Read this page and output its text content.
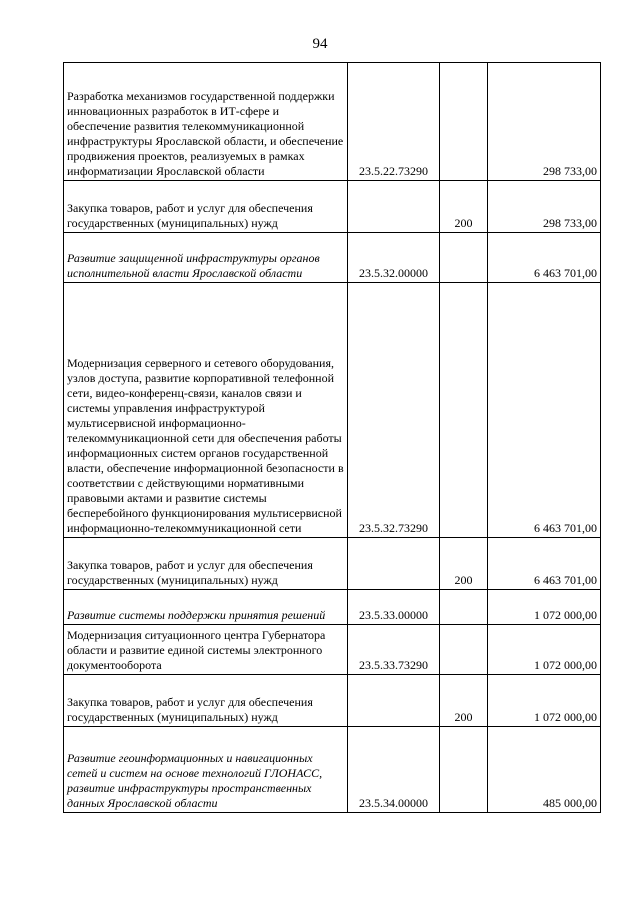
94
Разработка механизмов государственной поддержки инновационных разработок в ИТ-сфере и обеспечение развития телекоммуникационной инфраструктуры Ярославской области, и обеспечение продвижения проектов, реализуемых в рамках информатизации Ярославской области	23.5.22.73290		298 733,00
Закупка товаров, работ и услуг для обеспечения государственных (муниципальных) нужд		200	298 733,00
Развитие защищенной инфраструктуры органов исполнительной власти Ярославской области	23.5.32.00000		6 463 701,00
Модернизация серверного и сетевого оборудования, узлов доступа, развитие корпоративной телефонной сети, видео-конференц-связи, каналов связи и системы управления инфраструктурой мультисервисной информационно-телекоммуникационной сети для обеспечения работы информационных систем органов государственной власти, обеспечение информационной безопасности в соответствии с действующими нормативными правовыми актами и развитие системы бесперебойного функционирования мультисервисной информационно-телекоммуникационной сети	23.5.32.73290		6 463 701,00
Закупка товаров, работ и услуг для обеспечения государственных (муниципальных) нужд		200	6 463 701,00
Развитие системы поддержки принятия решений	23.5.33.00000		1 072 000,00
Модернизация ситуационного центра Губернатора области и развитие единой системы электронного документооборота	23.5.33.73290		1 072 000,00
Закупка товаров, работ и услуг для обеспечения государственных (муниципальных) нужд		200	1 072 000,00
Развитие геоинформационных и навигационных сетей и систем на основе технологий ГЛОНАСС, развитие инфраструктуры пространственных данных Ярославской области	23.5.34.00000		485 000,00
